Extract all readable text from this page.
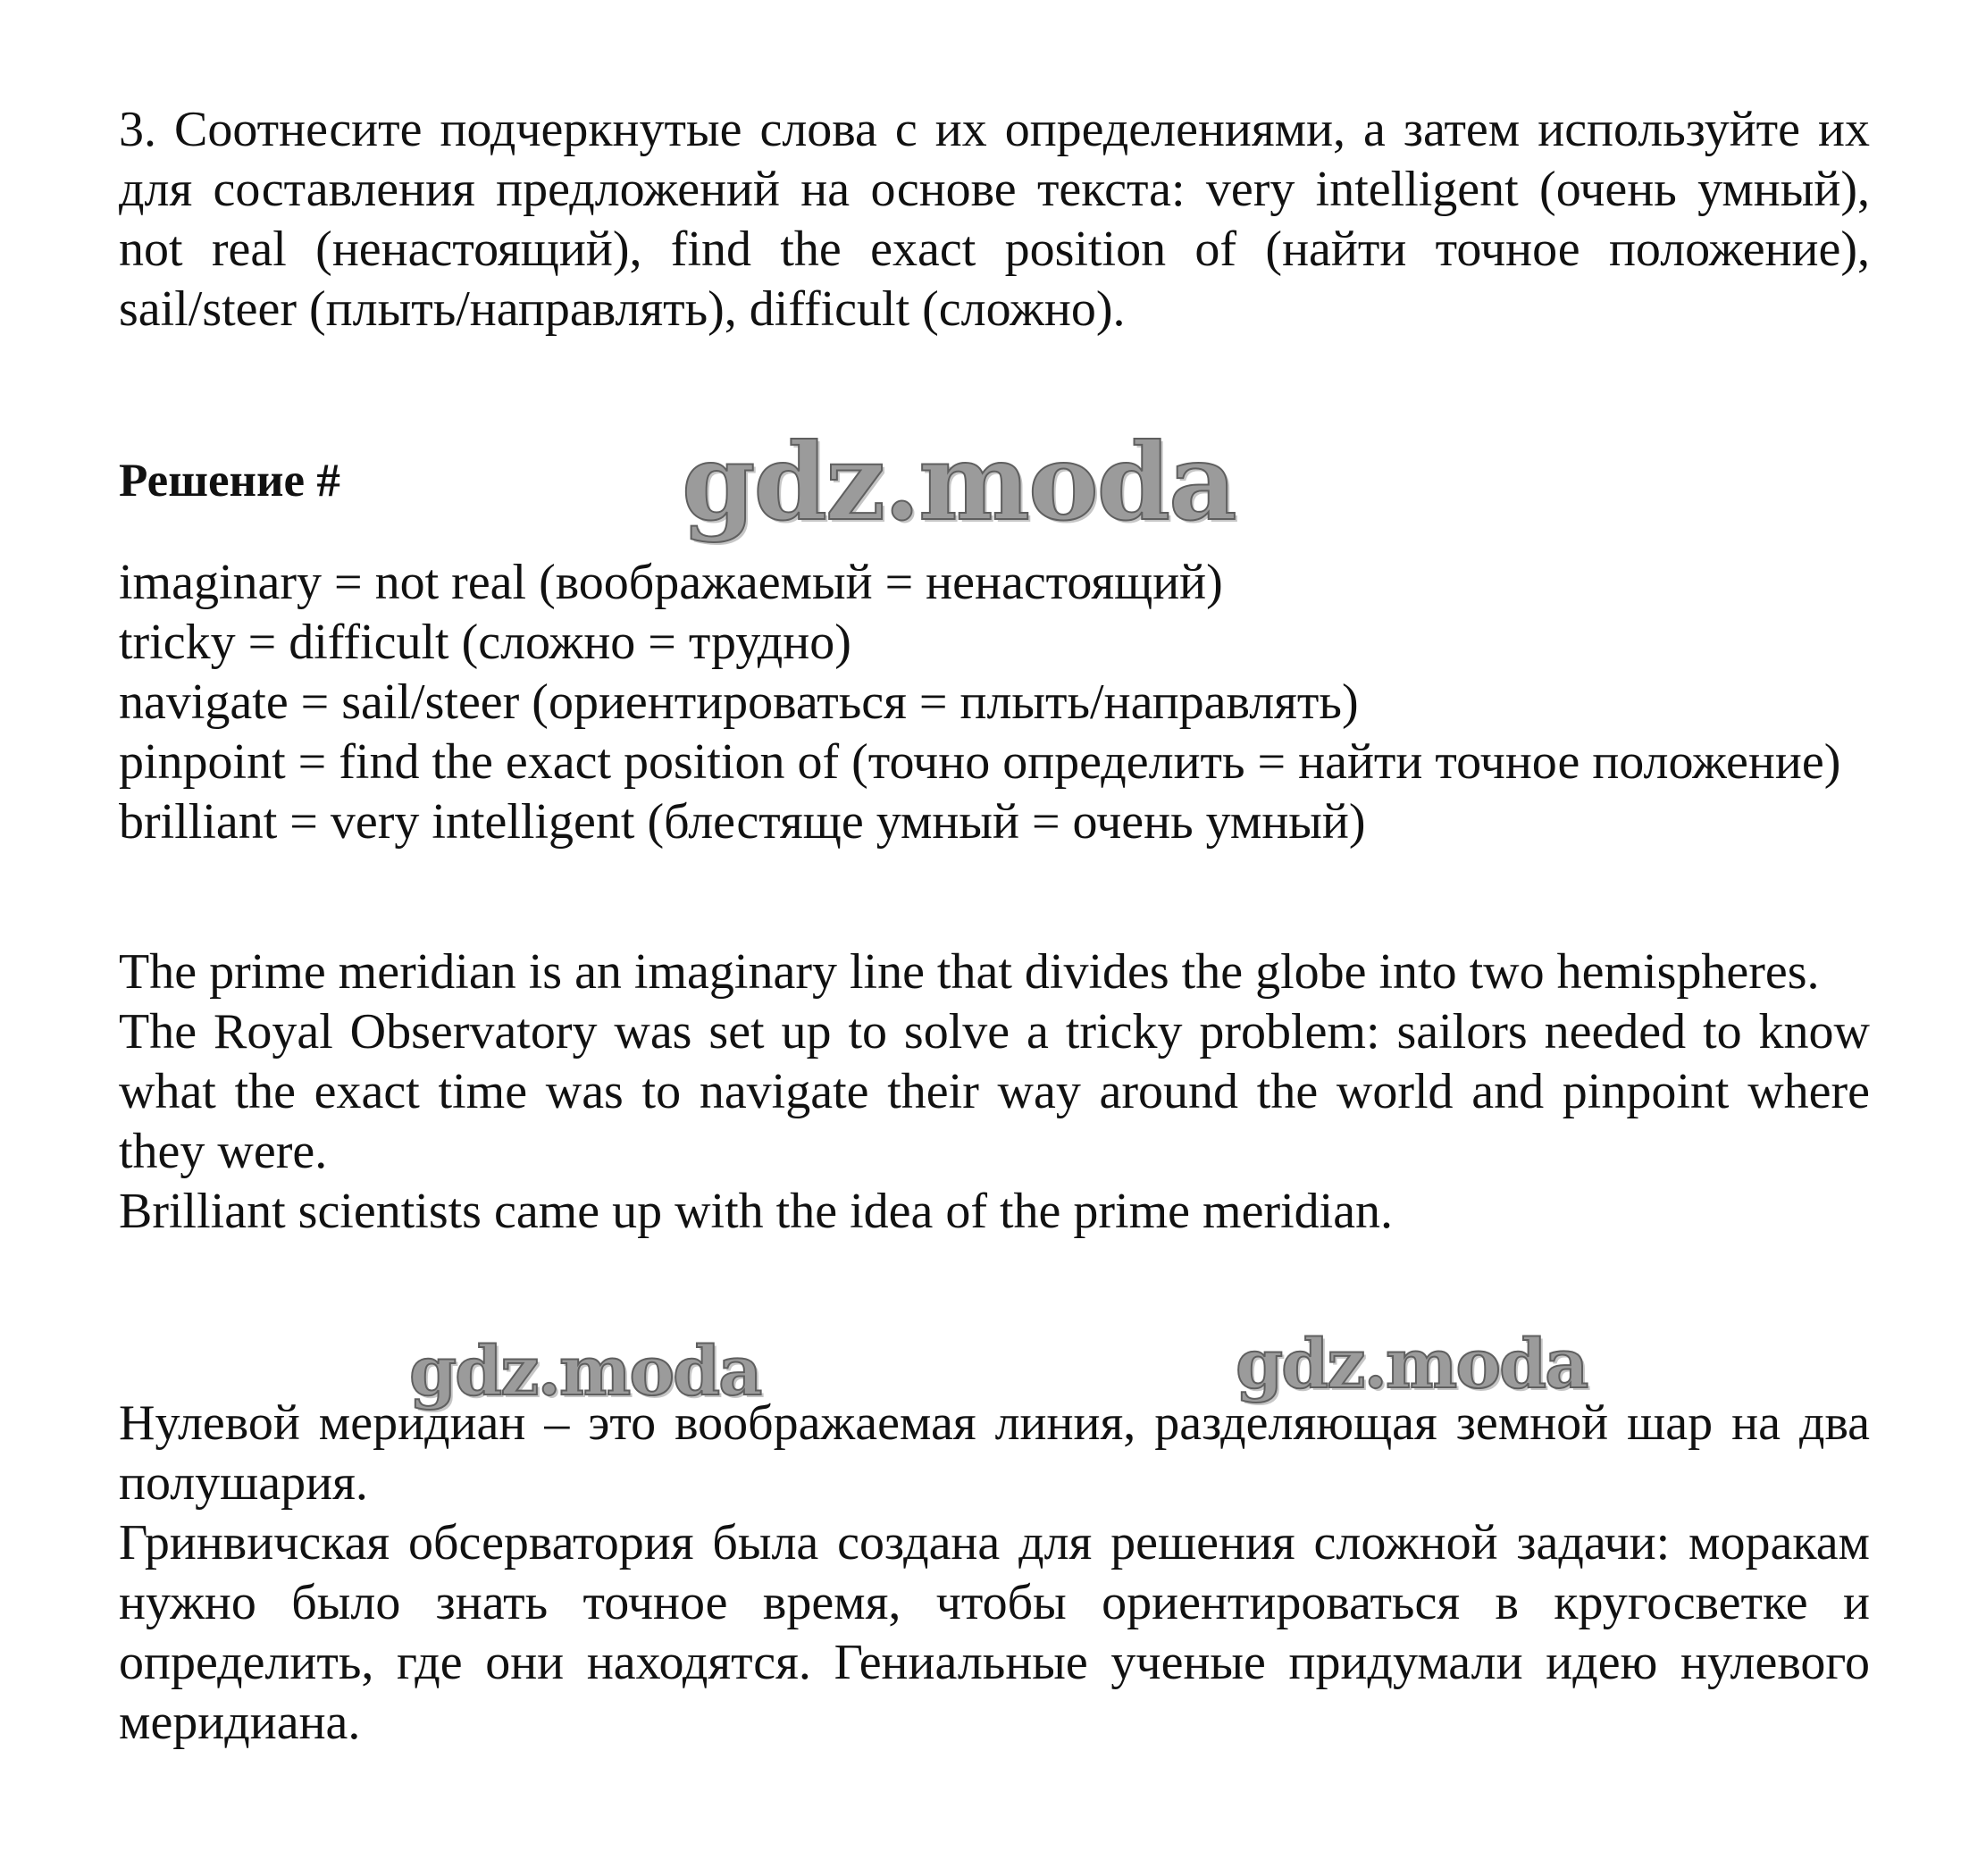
3. Соотнесите подчеркнутые слова с их определениями, а затем используйте их для составления предложений на основе текста: very intelligent (очень умный), not real (ненастоящий), find the exact position of (найти точное положение), sail/steer (плыть/направлять), difficult (сложно).

Решение #

imaginary = not real (воображаемый = ненастоящий)
tricky = difficult (сложно = трудно)
navigate = sail/steer (ориентироваться = плыть/направлять)
pinpoint = find the exact position of (точно определить = найти точное положение)
brilliant = very intelligent (блестяще умный = очень умный)

The prime meridian is an imaginary line that divides the globe into two hemispheres.

The Royal Observatory was set up to solve a tricky problem: sailors needed to know what the exact time was to navigate their way around the world and pinpoint where they were.

Brilliant scientists came up with the idea of the prime meridian.

Нулевой меридиан – это воображаемая линия, разделяющая земной шар на два полушария.

Гринвичская обсерватория была создана для решения сложной задачи: моракам нужно было знать точное время, чтобы ориентироваться в кругосветке и определить, где они находятся. Гениальные ученые придумали идею нулевого меридиана.

gdz.moda
gdz.moda	gdz.moda
